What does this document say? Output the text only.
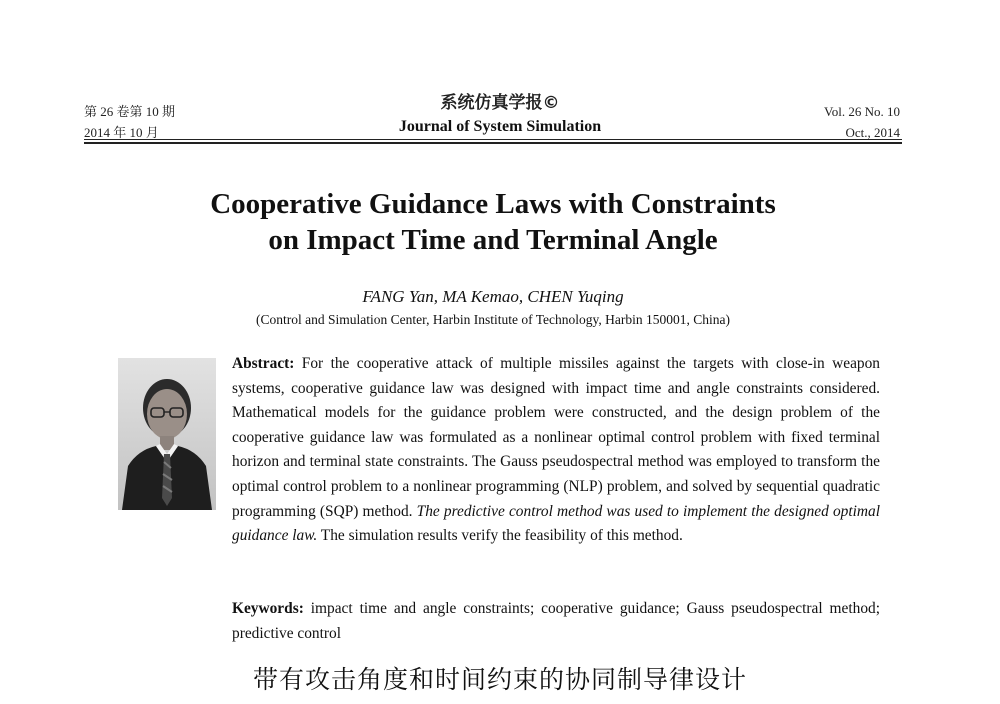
第 26 卷第 10 期
2014 年 10 月
系统仿真学报©
Journal of System Simulation
Vol. 26 No. 10
Oct., 2014
Cooperative Guidance Laws with Constraints
on Impact Time and Terminal Angle
FANG Yan, MA Kemao, CHEN Yuqing
(Control and Simulation Center, Harbin Institute of Technology, Harbin 150001, China)
Abstract: For the cooperative attack of multiple missiles against the targets with close-in weapon systems, cooperative guidance law was designed with impact time and angle constraints considered. Mathematical models for the guidance problem were constructed, and the design problem of the cooperative guidance law was formulated as a nonlinear optimal control problem with fixed terminal horizon and terminal state constraints. The Gauss pseudospectral method was employed to transform the optimal control problem to a nonlinear programming (NLP) problem, and solved by sequential quadratic programming (SQP) method. The predictive control method was used to implement the designed optimal guidance law. The simulation results verify the feasibility of this method.
Keywords: impact time and angle constraints; cooperative guidance; Gauss pseudospectral method; predictive control
带有攻击角度和时间约束的协同制导律设计
